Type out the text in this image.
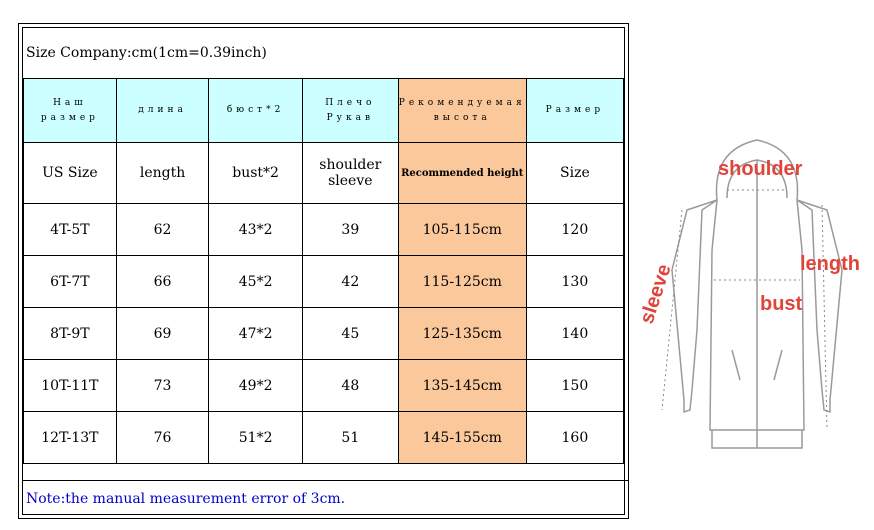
Size Company:cm(1cm=0.39inch)
Наш размер	длина	бюст*2	Плечо Рукав	Рекомендуемая высота	Размер
US Size	length	bust*2	shoulder sleeve	Recommended height	Size
4T-5T	62	43*2	39	105-115cm	120
6T-7T	66	45*2	42	115-125cm	130
8T-9T	69	47*2	45	125-135cm	140
10T-11T	73	49*2	48	135-145cm	150
12T-13T	76	51*2	51	145-155cm	160
Note:the manual measurement error of 3cm.
shoulder
length
bust
sleeve
